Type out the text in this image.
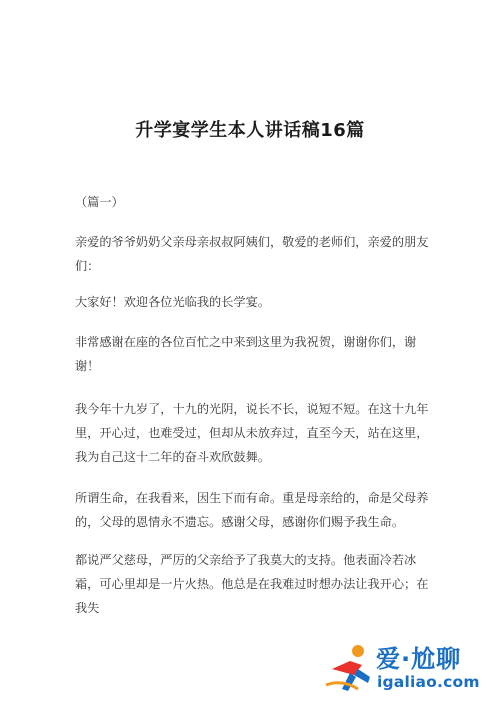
升学宴学生本人讲话稿16篇

（篇一）

亲爱的爷爷奶奶父亲母亲叔叔阿姨们，敬爱的老师们，亲爱的朋友们：

大家好！欢迎各位光临我的长学宴。

非常感谢在座的各位百忙之中来到这里为我祝贺，谢谢你们，谢谢！

我今年十九岁了，十九的光阴，说长不长，说短不短。在这十九年里，开心过，也难受过，但却从未放弃过，直至今天，站在这里，我为自己这十二年的奋斗欢欣鼓舞。

所谓生命，在我看来，因生下而有命。重是母亲给的，命是父母养的，父母的恩情永不遗忘。感谢父母，感谢你们赐予我生命。

都说严父慈母，严厉的父亲给予了我莫大的支持。他表面冷若冰霜，可心里却是一片火热。他总是在我难过时想办法让我开心；在我失

爱·尬聊
igaliao.com
